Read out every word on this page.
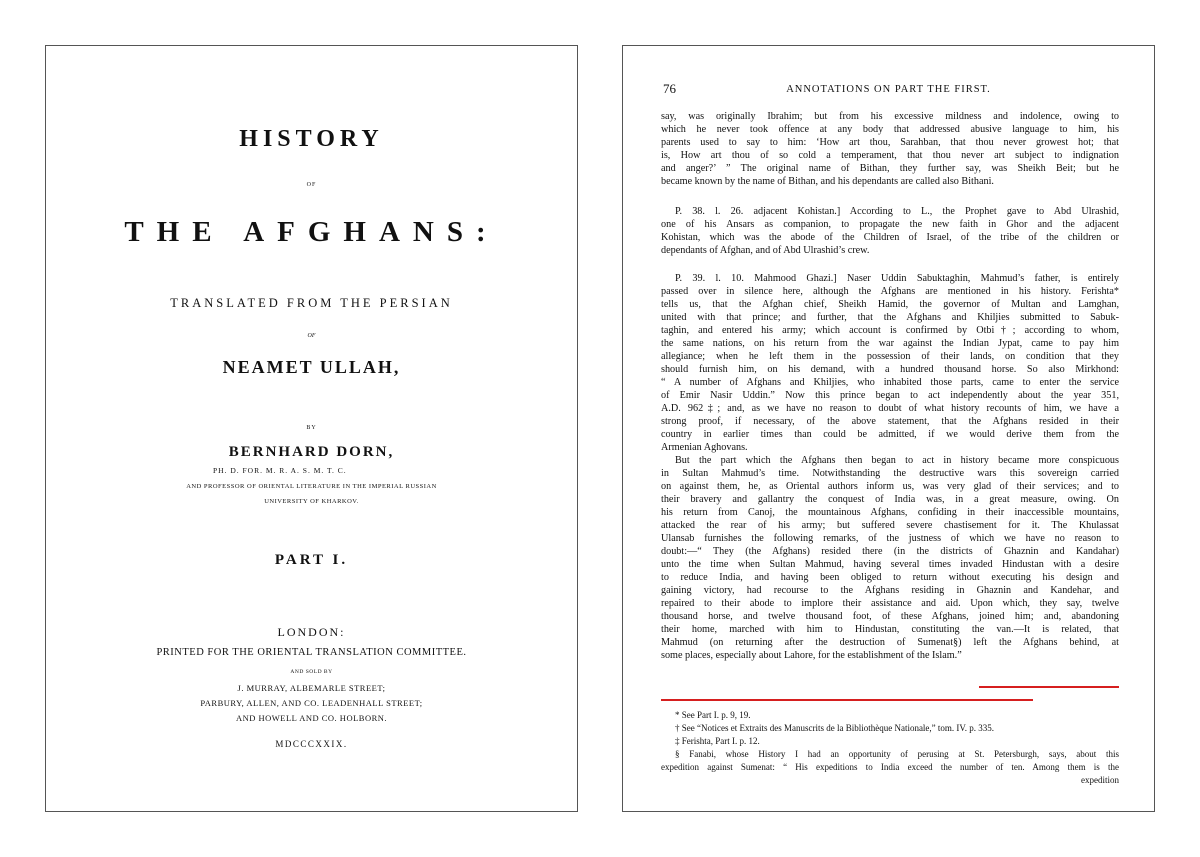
HISTORY
OF
THE AFGHANS:
TRANSLATED FROM THE PERSIAN
OF
NEAMET ULLAH,
BY
BERNHARD DORN,
PH. D. FOR. M. R. A. S. M. T. C.
AND PROFESSOR OF ORIENTAL LITERATURE IN THE IMPERIAL RUSSIAN
UNIVERSITY OF KHARKOV.
PART I.
LONDON:
PRINTED FOR THE ORIENTAL TRANSLATION COMMITTEE.
AND SOLD BY
J. MURRAY, ALBEMARLE STREET;
PARBURY, ALLEN, AND CO. LEADENHALL STREET;
AND HOWELL AND CO. HOLBORN.
MDCCCXXIX.
76	ANNOTATIONS ON PART THE FIRST.
say, was originally Ibrahim; but from his excessive mildness and indolence, owing to
which he never took offence at any body that addressed abusive language to him, his
parents used to say to him: ‘How art thou, Sarahban, that thou never growest hot; that
is, How art thou of so cold a temperament, that thou never art subject to indignation
and anger?’ ” The original name of Bithan, they further say, was Sheikh Beit; but he
became known by the name of Bithan, and his dependants are called also Bithani.
P. 38. l. 26. adjacent Kohistan.] According to L., the Prophet gave to Abd Ulrashid,
one of his Ansars as companion, to propagate the new faith in Ghor and the adjacent
Kohistan, which was the abode of the Children of Israel, of the tribe of the children or
dependants of Afghan, and of Abd Ulrashid’s crew.
P. 39. l. 10. Mahmood Ghazi.] Naser Uddin Sabuktaghin, Mahmud’s father, is entirely
passed over in silence here, although the Afghans are mentioned in his history. Ferishta*
tells us, that the Afghan chief, Sheikh Hamid, the governor of Multan and Lamghan,
united with that prince; and further, that the Afghans and Khiljies submitted to Sabuk-
taghin, and entered his army; which account is confirmed by Otbi†; according to whom,
the same nations, on his return from the war against the Indian Jypat, came to pay him
allegiance; when he left them in the possession of their lands, on condition that they
should furnish him, on his demand, with a hundred thousand horse. So also Mirkhond:
“ A number of Afghans and Khiljies, who inhabited those parts, came to enter the service
of Emir Nasir Uddin.” Now this prince began to act independently about the year 351,
A.D. 962‡; and, as we have no reason to doubt of what history recounts of him, we have a
strong proof, if necessary, of the above statement, that the Afghans resided in their
country in earlier times than could be admitted, if we would derive them from the
Armenian Aghovans.
But the part which the Afghans then began to act in history became more conspicuous
in Sultan Mahmud’s time. Notwithstanding the destructive wars this sovereign carried
on against them, he, as Oriental authors inform us, was very glad of their services; and to
their bravery and gallantry the conquest of India was, in a great measure, owing. On
his return from Canoj, the mountainous Afghans, confiding in their inaccessible mountains,
attacked the rear of his army; but suffered severe chastisement for it. The Khulassat
Ulansab furnishes the following remarks, of the justness of which we have no reason to
doubt:—“ They (the Afghans) resided there (in the districts of Ghaznin and Kandahar)
unto the time when Sultan Mahmud, having several times invaded Hindustan with a desire
to reduce India, and having been obliged to return without executing his design and
gaining victory, had recourse to the Afghans residing in Ghaznin and Kandehar, and
repaired to their abode to implore their assistance and aid. Upon which, they say, twelve
thousand horse, and twelve thousand foot, of these Afghans, joined him; and, abandoning
their home, marched with him to Hindustan, constituting the van.—It is related, that
Mahmud (on returning after the destruction of Sumenat§) left the Afghans behind, at
some places, especially about Lahore, for the establishment of the Islam.”
* See Part I. p. 9, 19.
† See “Notices et Extraits des Manuscrits de la Bibliothèque Nationale,” tom. IV. p. 335.
‡ Ferishta, Part I. p. 12.
§ Fanabi, whose History I had an opportunity of perusing at St. Petersburgh, says, about this
expedition against Sumenat: “ His expeditions to India exceed the number of ten. Among them is the
expedition
